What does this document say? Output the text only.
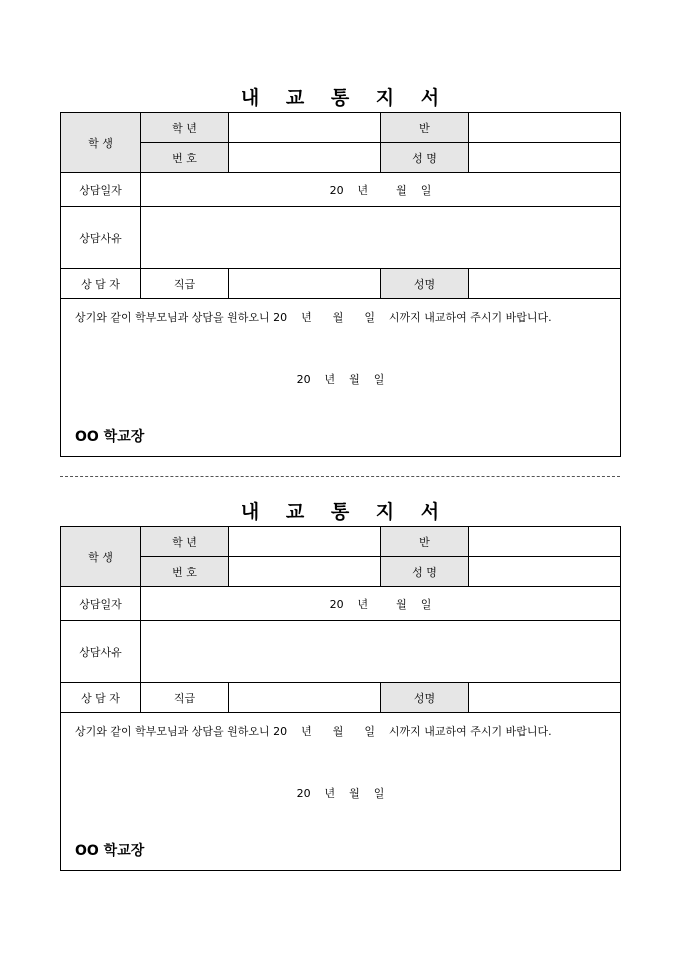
내 교 통 지 서
학 생	학 년		반	
	번 호		성 명	
상담일자	20    년        월    일			
상담사유				
상 담 자	직급		성명	

상기와 같이 학부모님과 상담을 원하오니 20    년      월      일    시까지 내교하여 주시기 바랍니다.
20    년    월    일
OO 학교장				
내 교 통 지 서
학 생	학 년		반	
	번 호		성 명	
상담일자	20    년        월    일			
상담사유				
상 담 자	직급		성명	

상기와 같이 학부모님과 상담을 원하오니 20    년      월      일    시까지 내교하여 주시기 바랍니다.
20    년    월    일
OO 학교장				
